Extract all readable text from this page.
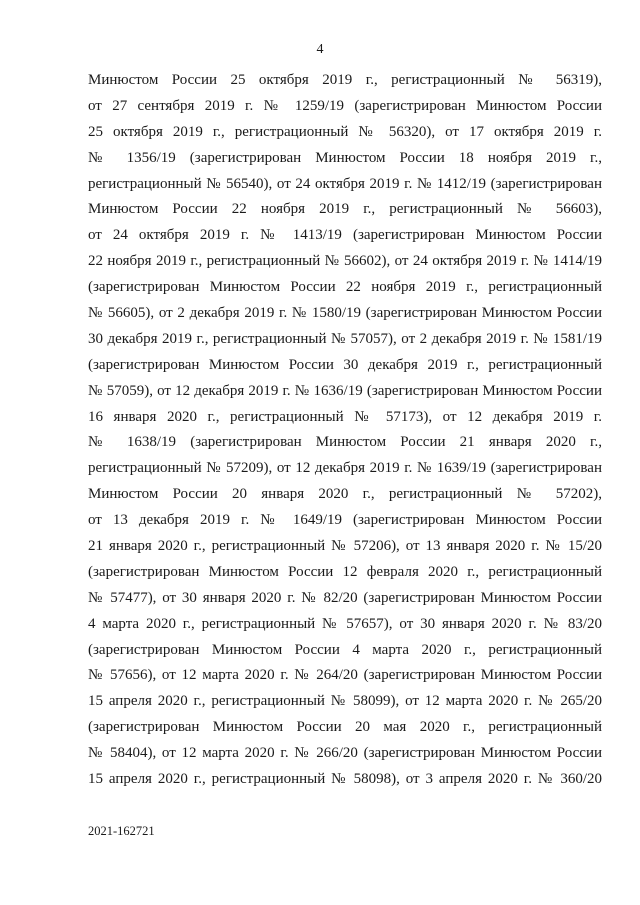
4
Минюстом России 25 октября 2019 г., регистрационный № 56319),
от 27 сентября 2019 г. № 1259/19 (зарегистрирован Минюстом России
25 октября 2019 г., регистрационный № 56320), от 17 октября 2019 г.
№ 1356/19 (зарегистрирован Минюстом России 18 ноября 2019 г.,
регистрационный № 56540), от 24 октября 2019 г. № 1412/19 (зарегистрирован
Минюстом России 22 ноября 2019 г., регистрационный № 56603),
от 24 октября 2019 г. № 1413/19 (зарегистрирован Минюстом России
22 ноября 2019 г., регистрационный № 56602), от 24 октября 2019 г. № 1414/19
(зарегистрирован Минюстом России 22 ноября 2019 г., регистрационный
№ 56605), от 2 декабря 2019 г. № 1580/19 (зарегистрирован Минюстом России
30 декабря 2019 г., регистрационный № 57057), от 2 декабря 2019 г. № 1581/19
(зарегистрирован Минюстом России 30 декабря 2019 г., регистрационный
№ 57059), от 12 декабря 2019 г. № 1636/19 (зарегистрирован Минюстом России
16 января 2020 г., регистрационный № 57173), от 12 декабря 2019 г.
№ 1638/19 (зарегистрирован Минюстом России 21 января 2020 г.,
регистрационный № 57209), от 12 декабря 2019 г. № 1639/19 (зарегистрирован
Минюстом России 20 января 2020 г., регистрационный № 57202),
от 13 декабря 2019 г. № 1649/19 (зарегистрирован Минюстом России
21 января 2020 г., регистрационный № 57206), от 13 января 2020 г. № 15/20
(зарегистрирован Минюстом России 12 февраля 2020 г., регистрационный
№ 57477), от 30 января 2020 г. № 82/20 (зарегистрирован Минюстом России
4 марта 2020 г., регистрационный № 57657), от 30 января 2020 г. № 83/20
(зарегистрирован Минюстом России 4 марта 2020 г., регистрационный
№ 57656), от 12 марта 2020 г. № 264/20 (зарегистрирован Минюстом России
15 апреля 2020 г., регистрационный № 58099), от 12 марта 2020 г. № 265/20
(зарегистрирован Минюстом России 20 мая 2020 г., регистрационный
№ 58404), от 12 марта 2020 г. № 266/20 (зарегистрирован Минюстом России
15 апреля 2020 г., регистрационный № 58098), от 3 апреля 2020 г. № 360/20
2021-162721
